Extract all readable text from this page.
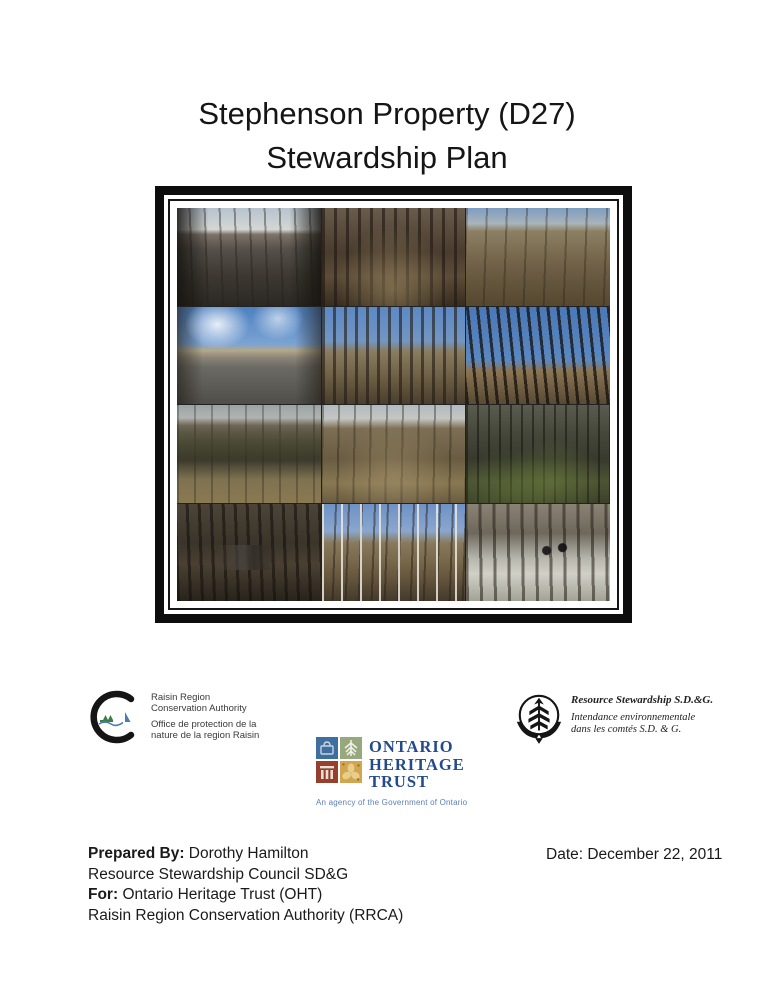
Stephenson Property (D27)
Stewardship Plan
Raisin Region
Conservation Authority
Office de protection de la
nature de la region Raisin
ONTARIO
HERITAGE
TRUST
An agency of the Government of Ontario
Resource Stewardship S.D.&G.
Intendance environnementale
dans les comtés S.D. & G.
Prepared By: Dorothy Hamilton
Resource Stewardship Council SD&G
For: Ontario Heritage Trust (OHT)
Raisin Region Conservation Authority (RRCA)
Date: December 22, 2011
